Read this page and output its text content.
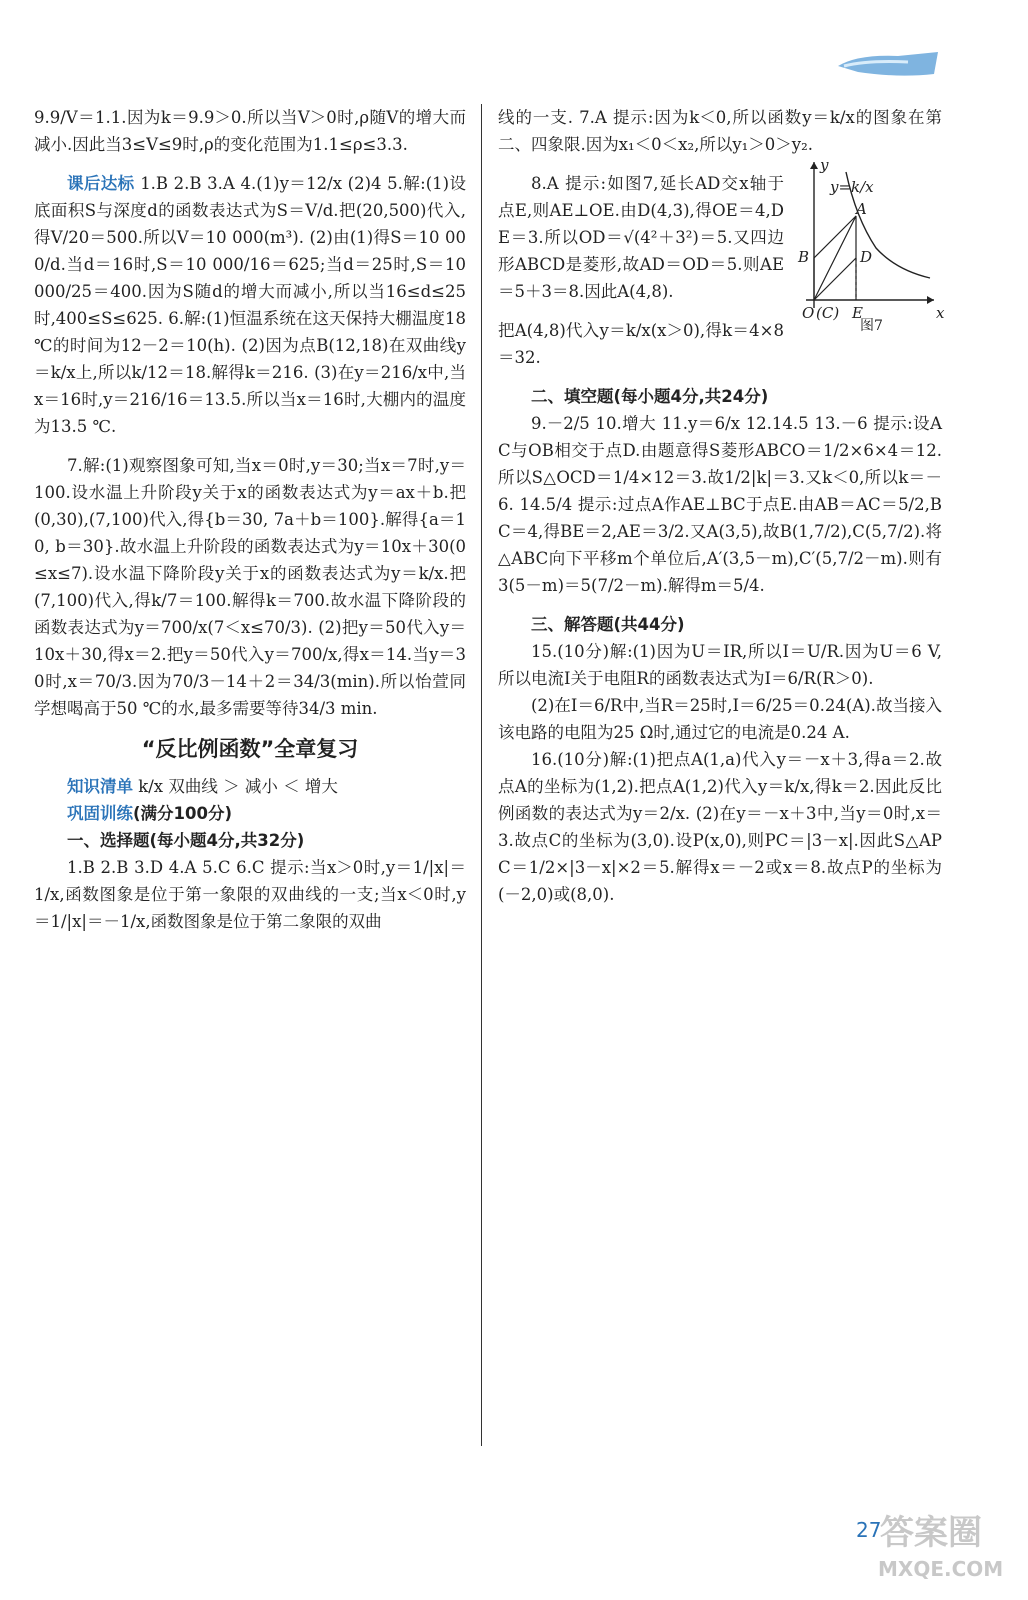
9.9/V＝1.1.因为k＝9.9＞0.所以当V＞0时,ρ随V的增大而减小.因此当3≤V≤9时,ρ的变化范围为1.1≤ρ≤3.3.

课后达标 1.B 2.B 3.A 4.(1)y＝12/x (2)4 5.解:(1)设底面积S与深度d的函数表达式为S＝V/d.把(20,500)代入,得V/20＝500.所以V＝10 000(m³). (2)由(1)得S＝10 000/d.当d＝16时,S＝10 000/16＝625;当d＝25时,S＝10 000/25＝400.因为S随d的增大而减小,所以当16≤d≤25时,400≤S≤625. 6.解:(1)恒温系统在这天保持大棚温度18 ℃的时间为12－2＝10(h). (2)因为点B(12,18)在双曲线y＝k/x上,所以k/12＝18.解得k＝216. (3)在y＝216/x中,当x＝16时,y＝216/16＝13.5.所以当x＝16时,大棚内的温度为13.5 ℃.

7.解:(1)观察图象可知,当x＝0时,y＝30;当x＝7时,y＝100.设水温上升阶段y关于x的函数表达式为y＝ax＋b.把(0,30),(7,100)代入,得{b＝30, 7a＋b＝100}.解得{a＝10, b＝30}.故水温上升阶段的函数表达式为y＝10x＋30(0≤x≤7).设水温下降阶段y关于x的函数表达式为y＝k/x.把(7,100)代入,得k/7＝100.解得k＝700.故水温下降阶段的函数表达式为y＝700/x(7＜x≤70/3). (2)把y＝50代入y＝10x＋30,得x＝2.把y＝50代入y＝700/x,得x＝14.当y＝30时,x＝70/3.因为70/3－14＋2＝34/3(min).所以怡萱同学想喝高于50 ℃的水,最多需要等待34/3 min.

“反比例函数”全章复习

知识清单 k/x 双曲线 ＞ 减小 ＜ 增大

巩固训练(满分100分)

一、选择题(每小题4分,共32分)

1.B 2.B 3.D 4.A 5.C 6.C 提示:当x＞0时,y＝1/|x|＝1/x,函数图象是位于第一象限的双曲线的一支;当x＜0时,y＝1/|x|＝－1/x,函数图象是位于第二象限的双曲

线的一支. 7.A 提示:因为k＜0,所以函数y＝k/x的图象在第二、四象限.因为x₁＜0＜x₂,所以y₁＞0＞y₂.

x
y
y=k/x
A
B	D
O (C) E
图7

8.A 提示:如图7,延长AD交x轴于点E,则AE⊥OE.由D(4,3),得OE＝4,DE＝3.所以OD＝√(4²＋3²)＝5.又四边形ABCD是菱形,故AD＝OD＝5.则AE＝5＋3＝8.因此A(4,8).

把A(4,8)代入y＝k/x(x＞0),得k＝4×8＝32.

二、填空题(每小题4分,共24分)

9.－2/5 10.增大 11.y＝6/x 12.14.5 13.－6 提示:设AC与OB相交于点D.由题意得S菱形ABCO＝1/2×6×4＝12.所以S△OCD＝1/4×12＝3.故1/2|k|＝3.又k＜0,所以k＝－6. 14.5/4 提示:过点A作AE⊥BC于点E.由AB＝AC＝5/2,BC＝4,得BE＝2,AE＝3/2.又A(3,5),故B(1,7/2),C(5,7/2).将△ABC向下平移m个单位后,A′(3,5－m),C′(5,7/2－m).则有3(5－m)＝5(7/2－m).解得m＝5/4.

三、解答题(共44分)

15.(10分)解:(1)因为U＝IR,所以I＝U/R.因为U＝6 V,所以电流I关于电阻R的函数表达式为I＝6/R(R＞0).

(2)在I＝6/R中,当R＝25时,I＝6/25＝0.24(A).故当接入该电路的电阻为25 Ω时,通过它的电流是0.24 A.

16.(10分)解:(1)把点A(1,a)代入y＝－x＋3,得a＝2.故点A的坐标为(1,2).把点A(1,2)代入y＝k/x,得k＝2.因此反比例函数的表达式为y＝2/x. (2)在y＝－x＋3中,当y＝0时,x＝3.故点C的坐标为(3,0).设P(x,0),则PC＝|3－x|.因此S△APC＝1/2×|3－x|×2＝5.解得x＝－2或x＝8.故点P的坐标为(－2,0)或(8,0).

27
答案圈
MXQE.COM
